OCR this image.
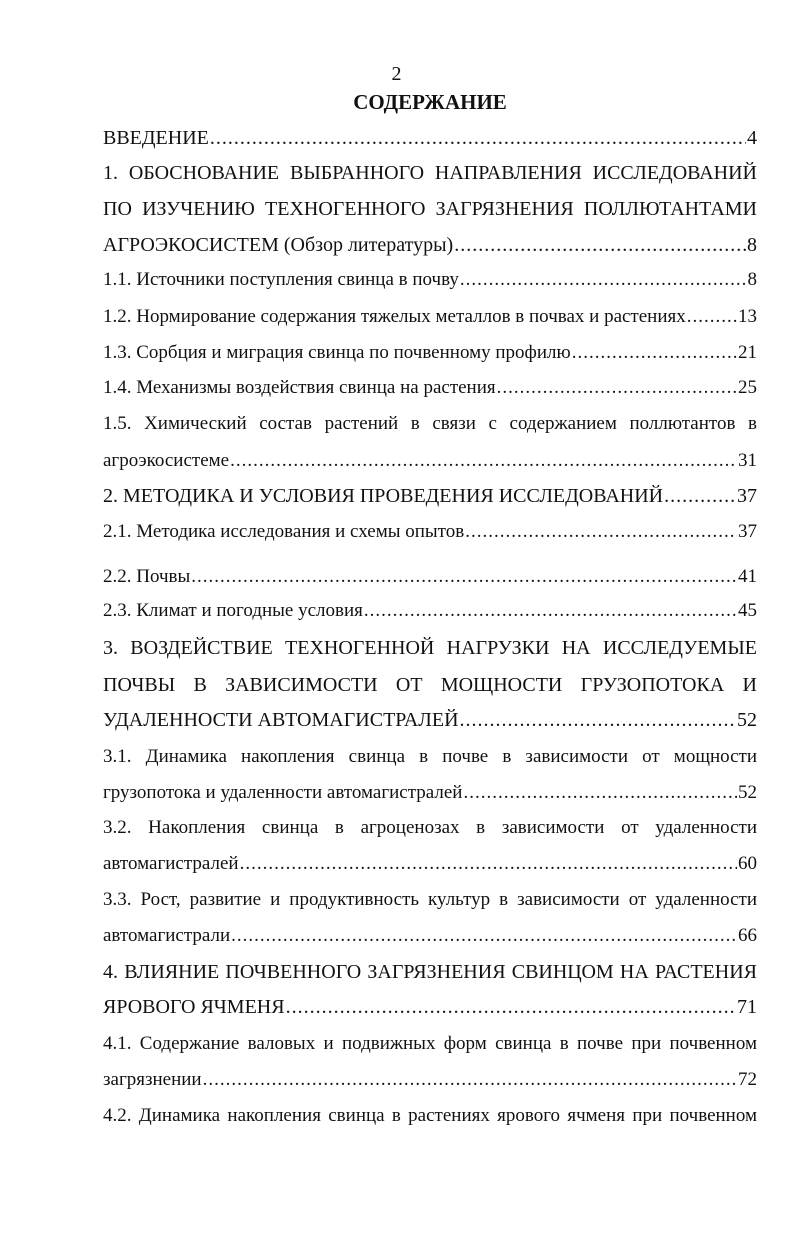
2
СОДЕРЖАНИЕ
ВВЕДЕНИЕ .....	4
1. ОБОСНОВАНИЕ ВЫБРАННОГО НАПРАВЛЕНИЯ ИССЛЕДОВАНИЙ
ПО ИЗУЧЕНИЮ ТЕХНОГЕННОГО ЗАГРЯЗНЕНИЯ ПОЛЛЮТАНТАМИ
АГРОЭКОСИСТЕМ (Обзор литературы) .....	8
1.1. Источники поступления свинца в почву .....	8
1.2. Нормирование содержания тяжелых металлов в почвах и растениях .....	13
1.3. Сорбция и миграция свинца по почвенному профилю .....	21
1.4. Механизмы воздействия свинца на растения .....	25
1.5. Химический состав растений в связи с содержанием поллютантов в
агроэкосистеме .....	31
2. МЕТОДИКА И УСЛОВИЯ ПРОВЕДЕНИЯ ИССЛЕДОВАНИЙ .....	37
2.1. Методика исследования и схемы опытов .....	37
2.2. Почвы .....	41
2.3. Климат и погодные условия .....	45
3. ВОЗДЕЙСТВИЕ ТЕХНОГЕННОЙ НАГРУЗКИ НА ИССЛЕДУЕМЫЕ
ПОЧВЫ В ЗАВИСИМОСТИ ОТ МОЩНОСТИ ГРУЗОПОТОКА И
УДАЛЕННОСТИ АВТОМАГИСТРАЛЕЙ .....	52
3.1. Динамика накопления свинца в почве в зависимости от мощности
грузопотока и удаленности автомагистралей .....	52
3.2. Накопления свинца в агроценозах в зависимости от удаленности
автомагистралей .....	60
3.3. Рост, развитие и продуктивность культур в зависимости от удаленности
автомагистрали .....	66
4. ВЛИЯНИЕ ПОЧВЕННОГО ЗАГРЯЗНЕНИЯ СВИНЦОМ НА РАСТЕНИЯ
ЯРОВОГО ЯЧМЕНЯ .....	71
4.1. Содержание валовых и подвижных форм свинца в почве при почвенном
загрязнении .....	72
4.2. Динамика накопления свинца в растениях ярового ячменя при почвенном
